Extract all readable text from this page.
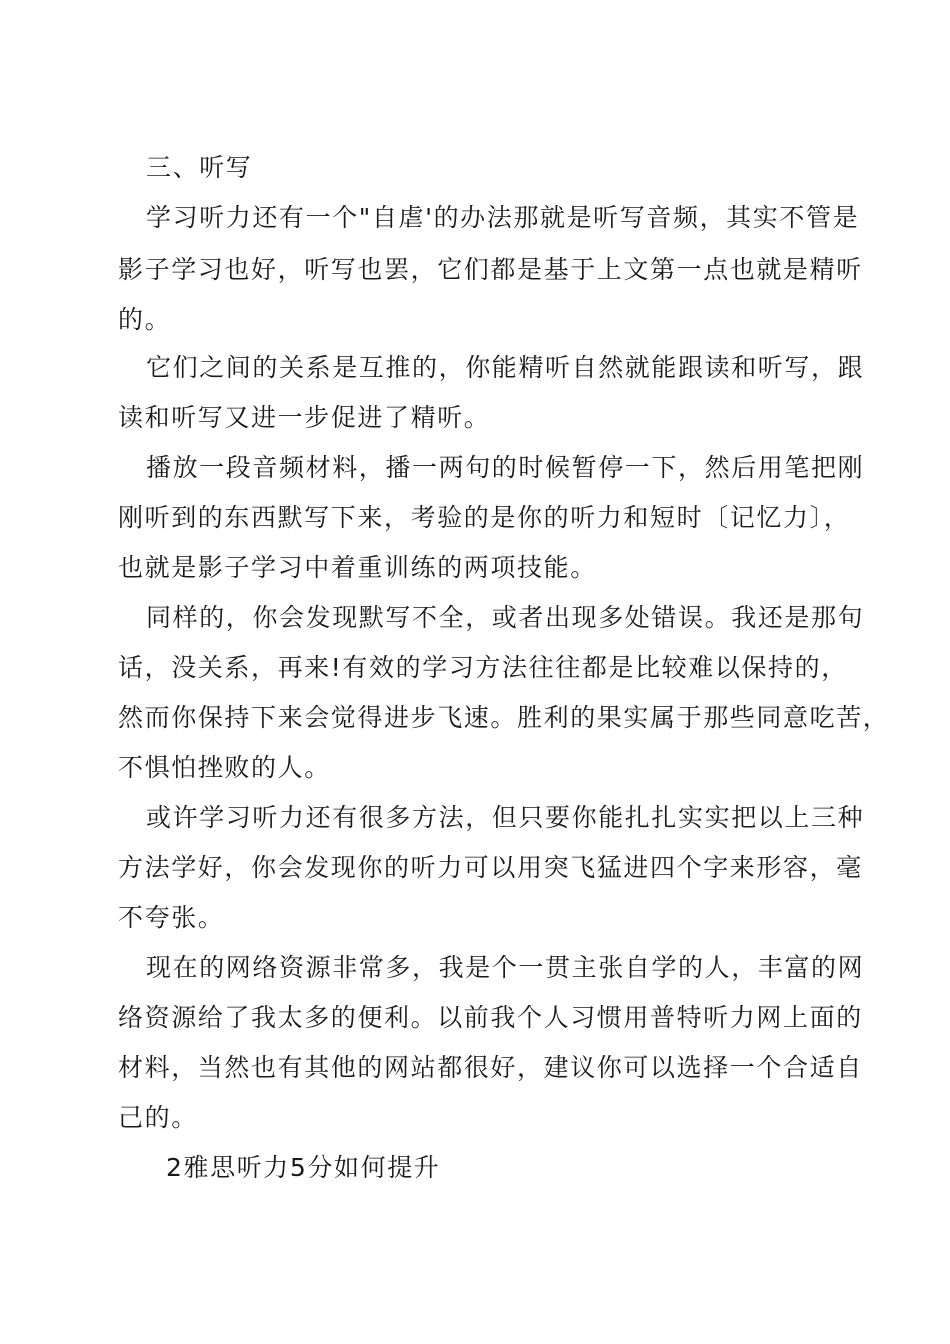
三、听写
学习听力还有一个"自虐'的办法那就是听写音频，其实不管是
影子学习也好，听写也罢，它们都是基于上文第一点也就是精听
的。
它们之间的关系是互推的，你能精听自然就能跟读和听写，跟
读和听写又进一步促进了精听。
播放一段音频材料，播一两句的时候暂停一下，然后用笔把刚
刚听到的东西默写下来，考验的是你的听力和短时〔记忆力〕，
也就是影子学习中着重训练的两项技能。
同样的，你会发现默写不全，或者出现多处错误。我还是那句
话，没关系，再来!有效的学习方法往往都是比较难以保持的，
然而你保持下来会觉得进步飞速。胜利的果实属于那些同意吃苦，
不惧怕挫败的人。
或许学习听力还有很多方法，但只要你能扎扎实实把以上三种
方法学好，你会发现你的听力可以用突飞猛进四个字来形容，毫
不夸张。
现在的网络资源非常多，我是个一贯主张自学的人，丰富的网
络资源给了我太多的便利。以前我个人习惯用普特听力网上面的
材料，当然也有其他的网站都很好，建议你可以选择一个合适自
己的。
2雅思听力5分如何提升
